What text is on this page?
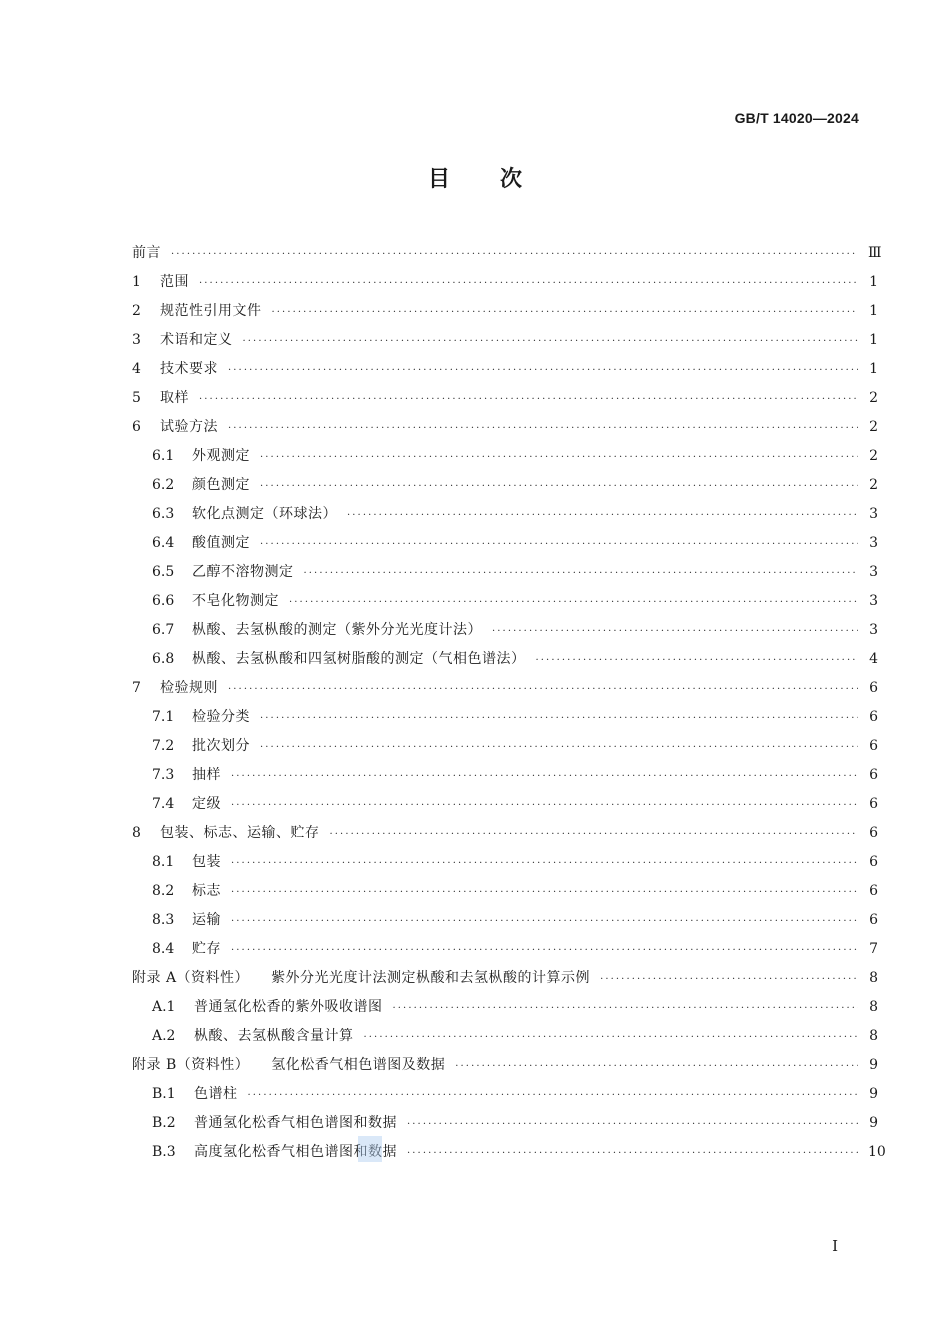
GB/T 14020—2024
目 次
前言 ·····	Ⅲ
1	范围 ·····	1
2	规范性引用文件 ·····	1
3	术语和定义 ·····	1
4	技术要求 ·····	1
5	取样 ·····	2
6	试验方法 ·····	2
6.1	外观测定 ·····	2
6.2	颜色测定 ·····	2
6.3	软化点测定（环球法） ·····	3
6.4	酸值测定 ·····	3
6.5	乙醇不溶物测定 ·····	3
6.6	不皂化物测定 ·····	3
6.7	枞酸、去氢枞酸的测定（紫外分光光度计法） ·····	3
6.8	枞酸、去氢枞酸和四氢树脂酸的测定（气相色谱法） ·····	4
7	检验规则 ·····	6
7.1	检验分类 ·····	6
7.2	批次划分 ·····	6
7.3	抽样 ·····	6
7.4	定级 ·····	6
8	包装、标志、运输、贮存 ·····	6
8.1	包装 ·····	6
8.2	标志 ·····	6
8.3	运输 ·····	6
8.4	贮存 ·····	7
附录 A（资料性）	紫外分光光度计法测定枞酸和去氢枞酸的计算示例 ·····	8
A.1	普通氢化松香的紫外吸收谱图 ·····	8
A.2	枞酸、去氢枞酸含量计算 ·····	8
附录 B（资料性）	氢化松香气相色谱图及数据 ·····	9
B.1	色谱柱 ·····	9
B.2	普通氢化松香气相色谱图和数据 ·····	9
B.3	高度氢化松香气相色谱图和数据 ·····	10
I
